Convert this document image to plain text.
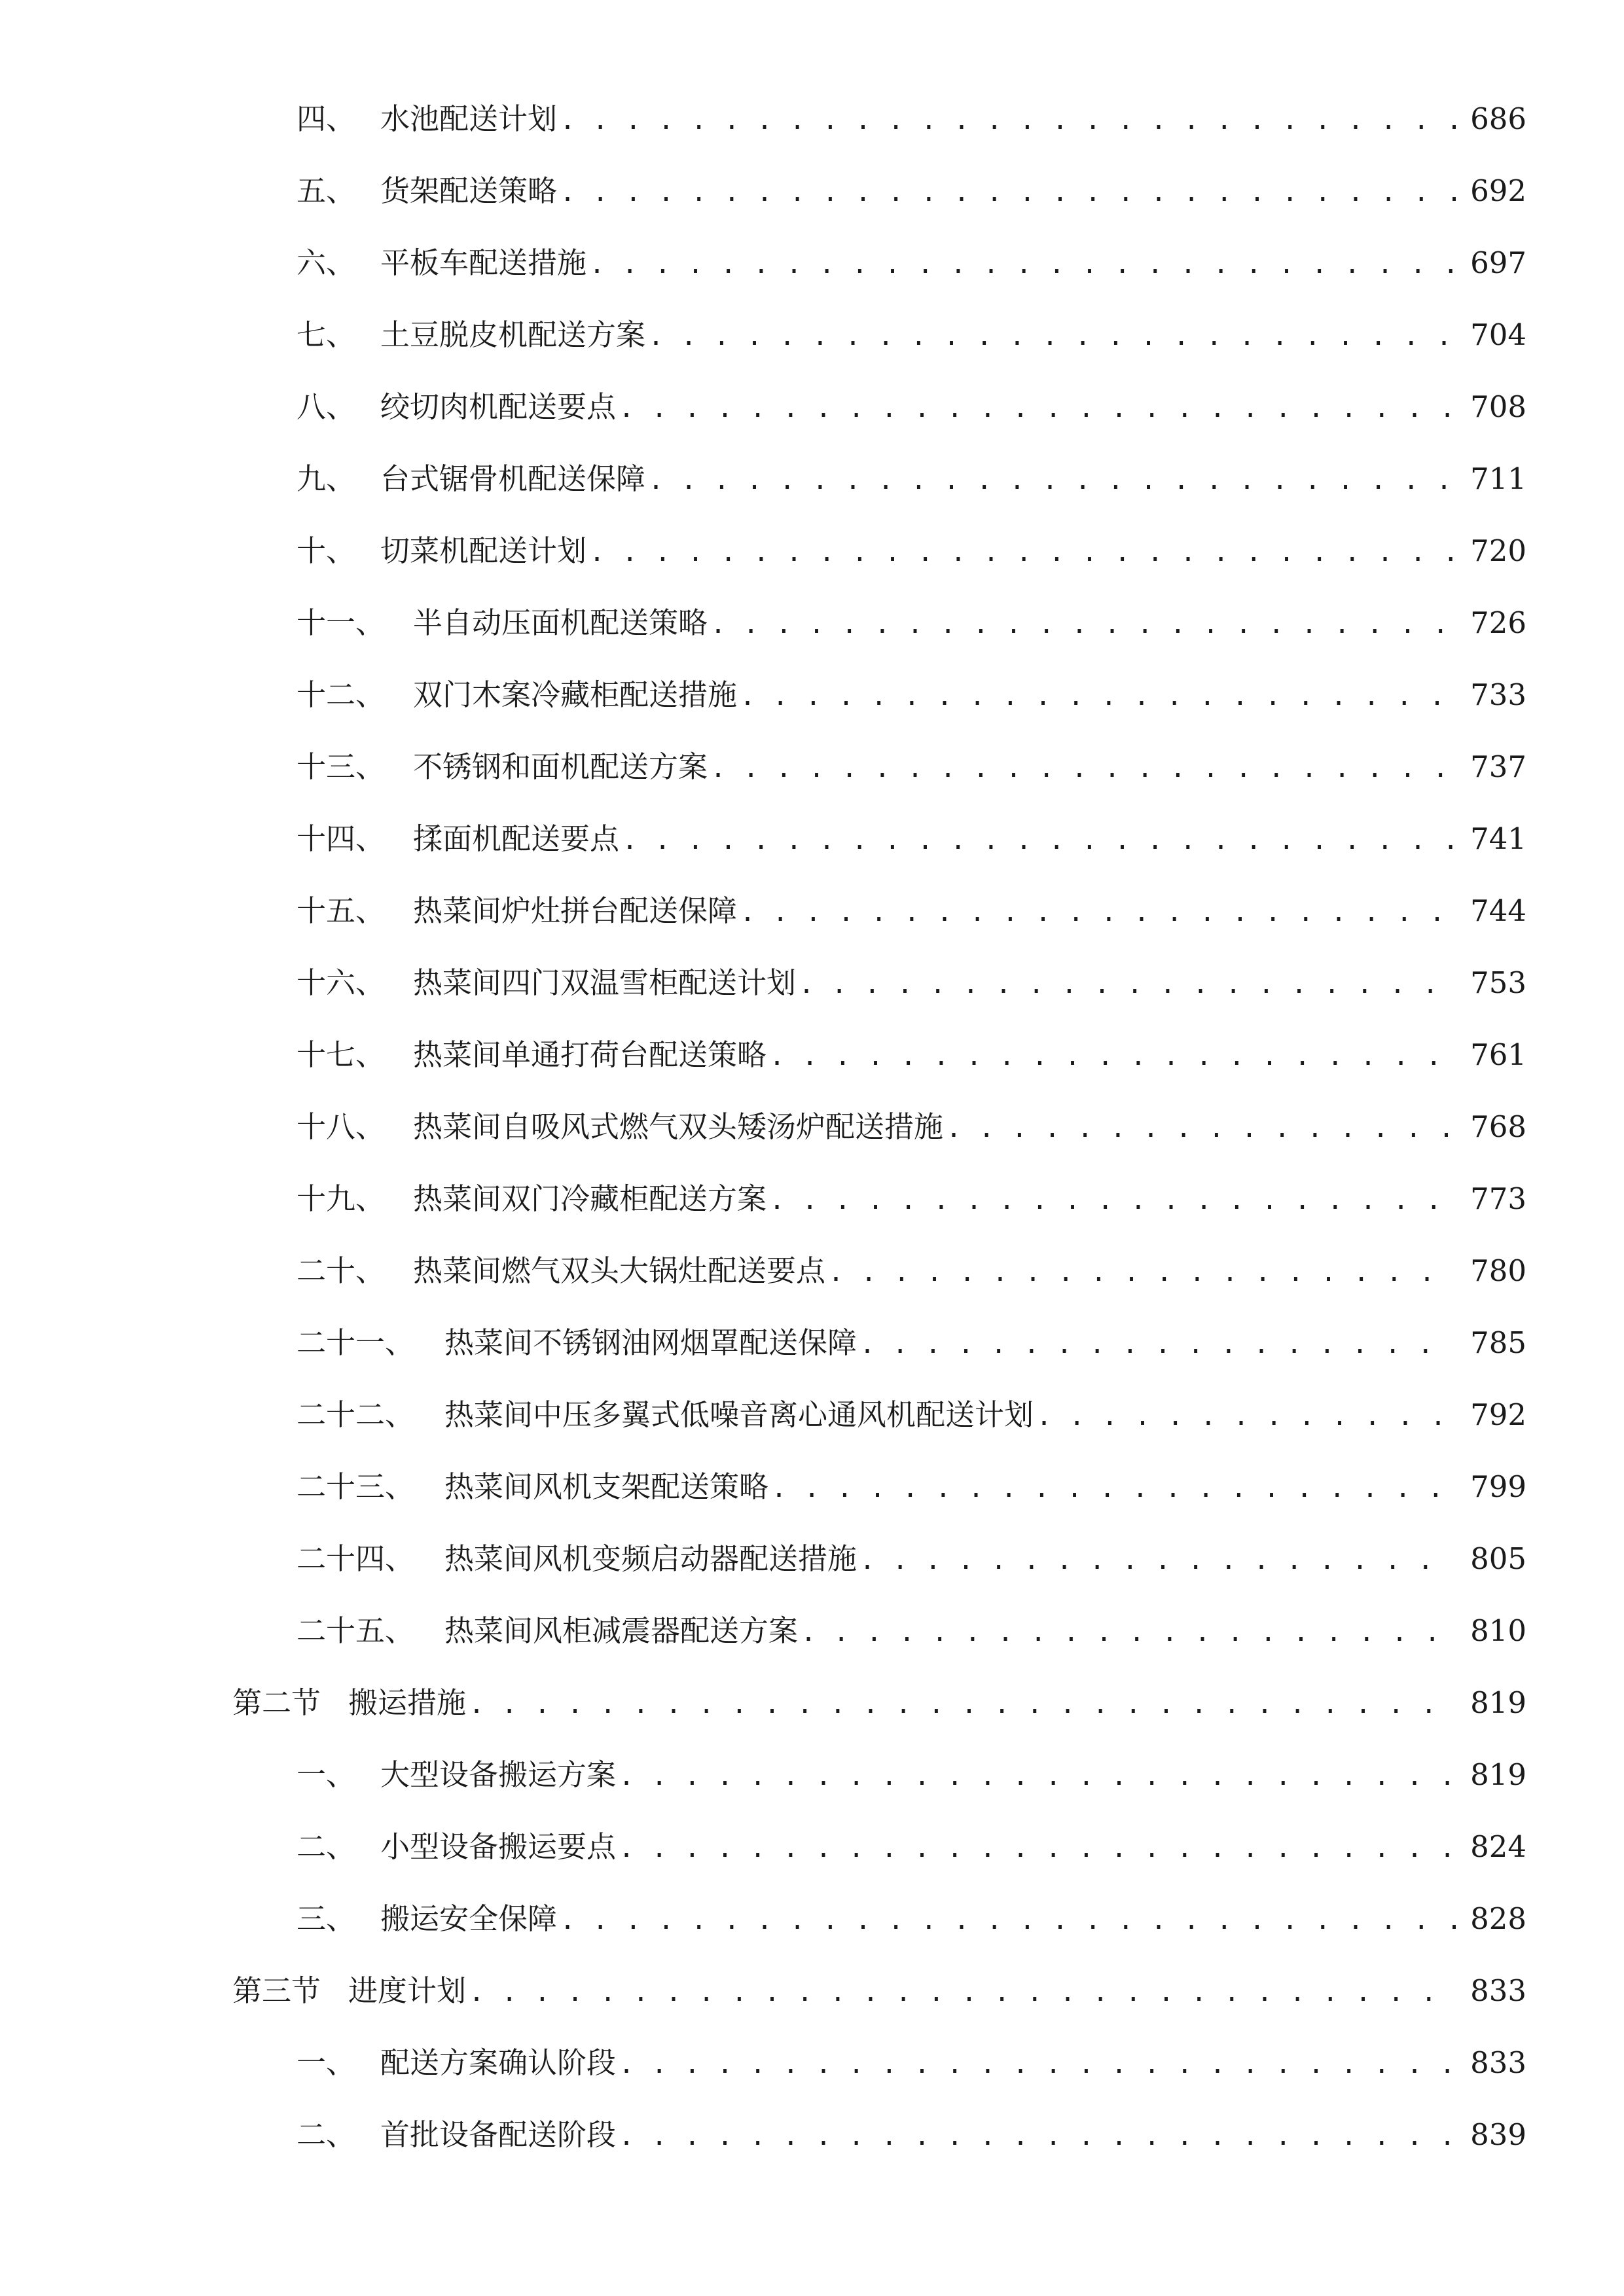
四、 水池配送计划 . . .	686
五、 货架配送策略 . . .	692
六、 平板车配送措施 . . .	697
七、 土豆脱皮机配送方案 . . .	704
八、 绞切肉机配送要点 . . .	708
九、 台式锯骨机配送保障 . . .	711
十、 切菜机配送计划 . . .	720
十一、 半自动压面机配送策略 . . .	726
十二、 双门木案冷藏柜配送措施 . . .	733
十三、 不锈钢和面机配送方案 . . .	737
十四、 揉面机配送要点 . . .	741
十五、 热菜间炉灶拼台配送保障 . . .	744
十六、 热菜间四门双温雪柜配送计划 . . .	753
十七、 热菜间单通打荷台配送策略 . . .	761
十八、 热菜间自吸风式燃气双头矮汤炉配送措施 . . .	768
十九、 热菜间双门冷藏柜配送方案 . . .	773
二十、 热菜间燃气双头大锅灶配送要点 . . .	780
二十一、	热菜间不锈钢油网烟罩配送保障 . . .	785
二十二、	热菜间中压多翼式低噪音离心通风机配送计划 . . .	792
二十三、	热菜间风机支架配送策略 . . .	799
二十四、	热菜间风机变频启动器配送措施 . . .	805
二十五、	热菜间风柜减震器配送方案 . . .	810
第二节 搬运措施 . . .	819
一、 大型设备搬运方案 . . .	819
二、 小型设备搬运要点 . . .	824
三、 搬运安全保障 . . .	828
第三节 进度计划 . . .	833
一、 配送方案确认阶段 . . .	833
二、 首批设备配送阶段 . . .	839
